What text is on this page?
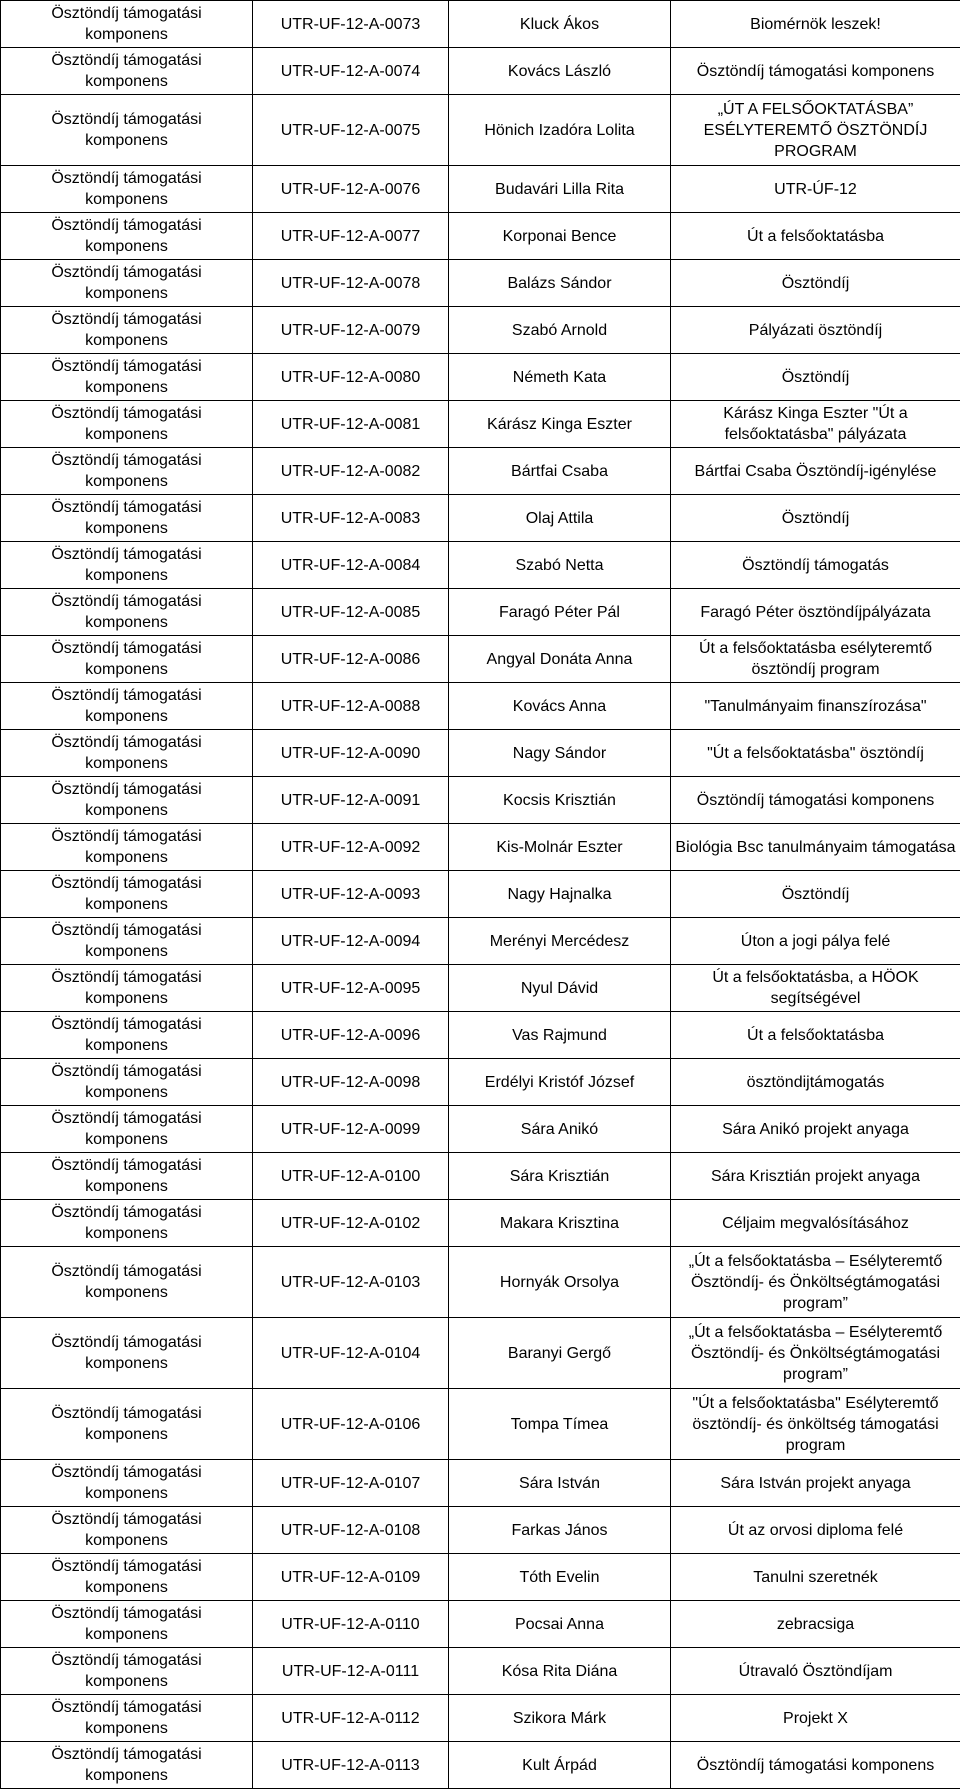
Ösztöndíj támogatási
komponens	UTR-UF-12-A-0073	Kluck Ákos	Biomérnök leszek!

Ösztöndíj támogatási
komponens	UTR-UF-12-A-0074	Kovács László	Ösztöndíj támogatási komponens

Ösztöndíj támogatási
komponens	UTR-UF-12-A-0075	Hönich Izadóra Lolita	„ÚT A FELSŐOKTATÁSBA”
ESÉLYTEREMTŐ ÖSZTÖNDÍJ
PROGRAM

Ösztöndíj támogatási
komponens	UTR-UF-12-A-0076	Budavári Lilla Rita	UTR-ÚF-12

Ösztöndíj támogatási
komponens	UTR-UF-12-A-0077	Korponai Bence	Út a felsőoktatásba

Ösztöndíj támogatási
komponens	UTR-UF-12-A-0078	Balázs Sándor	Ösztöndíj

Ösztöndíj támogatási
komponens	UTR-UF-12-A-0079	Szabó Arnold	Pályázati ösztöndíj

Ösztöndíj támogatási
komponens	UTR-UF-12-A-0080	Németh Kata	Ösztöndíj

Ösztöndíj támogatási
komponens	UTR-UF-12-A-0081	Kárász Kinga Eszter	Kárász Kinga Eszter "Út a
felsőoktatásba" pályázata

Ösztöndíj támogatási
komponens	UTR-UF-12-A-0082	Bártfai Csaba	Bártfai Csaba Ösztöndíj-igénylése

Ösztöndíj támogatási
komponens	UTR-UF-12-A-0083	Olaj Attila	Ösztöndíj

Ösztöndíj támogatási
komponens	UTR-UF-12-A-0084	Szabó Netta	Ösztöndíj támogatás

Ösztöndíj támogatási
komponens	UTR-UF-12-A-0085	Faragó Péter Pál	Faragó Péter ösztöndíjpályázata

Ösztöndíj támogatási
komponens	UTR-UF-12-A-0086	Angyal Donáta Anna	Út a felsőoktatásba esélyteremtő
ösztöndíj program

Ösztöndíj támogatási
komponens	UTR-UF-12-A-0088	Kovács Anna	"Tanulmányaim finanszírozása"

Ösztöndíj támogatási
komponens	UTR-UF-12-A-0090	Nagy Sándor	"Út a felsőoktatásba" ösztöndíj

Ösztöndíj támogatási
komponens	UTR-UF-12-A-0091	Kocsis Krisztián	Ösztöndíj támogatási komponens

Ösztöndíj támogatási
komponens	UTR-UF-12-A-0092	Kis-Molnár Eszter	Biológia Bsc tanulmányaim támogatása

Ösztöndíj támogatási
komponens	UTR-UF-12-A-0093	Nagy Hajnalka	Ösztöndíj

Ösztöndíj támogatási
komponens	UTR-UF-12-A-0094	Merényi Mercédesz	Úton a jogi pálya felé

Ösztöndíj támogatási
komponens	UTR-UF-12-A-0095	Nyul Dávid	Út a felsőoktatásba, a HÖOK
segítségével

Ösztöndíj támogatási
komponens	UTR-UF-12-A-0096	Vas Rajmund	Út a felsőoktatásba

Ösztöndíj támogatási
komponens	UTR-UF-12-A-0098	Erdélyi Kristóf József	ösztöndijtámogatás

Ösztöndíj támogatási
komponens	UTR-UF-12-A-0099	Sára Anikó	Sára Anikó projekt anyaga

Ösztöndíj támogatási
komponens	UTR-UF-12-A-0100	Sára Krisztián	Sára Krisztián projekt anyaga

Ösztöndíj támogatási
komponens	UTR-UF-12-A-0102	Makara Krisztina	Céljaim megvalósításához

Ösztöndíj támogatási
komponens	UTR-UF-12-A-0103	Hornyák Orsolya	„Út a felsőoktatásba – Esélyteremtő
Ösztöndíj- és Önköltségtámogatási
program”

Ösztöndíj támogatási
komponens	UTR-UF-12-A-0104	Baranyi Gergő	„Út a felsőoktatásba – Esélyteremtő
Ösztöndíj- és Önköltségtámogatási
program”

Ösztöndíj támogatási
komponens	UTR-UF-12-A-0106	Tompa Tímea	"Út a felsőoktatásba" Esélyteremtő
ösztöndíj- és önköltség támogatási
program

Ösztöndíj támogatási
komponens	UTR-UF-12-A-0107	Sára István	Sára István projekt anyaga

Ösztöndíj támogatási
komponens	UTR-UF-12-A-0108	Farkas János	Út az orvosi diploma felé

Ösztöndíj támogatási
komponens	UTR-UF-12-A-0109	Tóth Evelin	Tanulni szeretnék

Ösztöndíj támogatási
komponens	UTR-UF-12-A-0110	Pocsai Anna	zebracsiga

Ösztöndíj támogatási
komponens	UTR-UF-12-A-0111	Kósa Rita Diána	Útravaló Ösztöndíjam

Ösztöndíj támogatási
komponens	UTR-UF-12-A-0112	Szikora Márk	Projekt X

Ösztöndíj támogatási
komponens	UTR-UF-12-A-0113	Kult Árpád	Ösztöndíj támogatási komponens
